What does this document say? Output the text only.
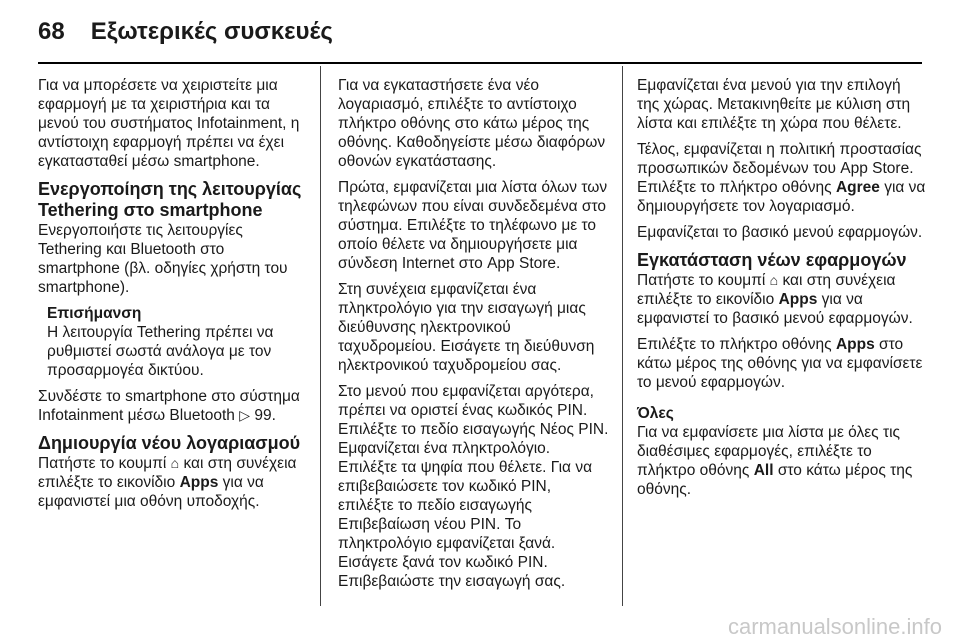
68 Εξωτερικές συσκευές

Για να μπορέσετε να χειριστείτε μια εφαρμογή με τα χειριστήρια και τα μενού του συστήματος Infotainment, η αντίστοιχη εφαρμογή πρέπει να έχει εγκατασταθεί μέσω smartphone.

Ενεργοποίηση της λειτουργίας Tethering στο smartphone

Ενεργοποιήστε τις λειτουργίες Tethering και Bluetooth στο smartphone (βλ. οδηγίες χρήστη του smartphone).

Επισήμανση
Η λειτουργία Tethering πρέπει να ρυθμιστεί σωστά ανάλογα με τον προσαρμογέα δικτύου.

Συνδέστε το smartphone στο σύστημα Infotainment μέσω Bluetooth ▷ 99.

Δημιουργία νέου λογαριασμού

Πατήστε το κουμπί ⌂ και στη συνέχεια επιλέξτε το εικονίδιο Apps για να εμφανιστεί μια οθόνη υποδοχής.

Για να εγκαταστήσετε ένα νέο λογαριασμό, επιλέξτε το αντίστοιχο πλήκτρο οθόνης στο κάτω μέρος της οθόνης. Καθοδηγείστε μέσω διαφόρων οθονών εγκατάστασης.

Πρώτα, εμφανίζεται μια λίστα όλων των τηλεφώνων που είναι συνδεδεμένα στο σύστημα. Επιλέξτε το τηλέφωνο με το οποίο θέλετε να δημιουργήσετε μια σύνδεση Internet στο App Store.

Στη συνέχεια εμφανίζεται ένα πληκτρολόγιο για την εισαγωγή μιας διεύθυνσης ηλεκτρονικού ταχυδρομείου. Εισάγετε τη διεύθυνση ηλεκτρονικού ταχυδρομείου σας.

Στο μενού που εμφανίζεται αργότερα, πρέπει να οριστεί ένας κωδικός PIN. Επιλέξτε το πεδίο εισαγωγής Νέος PIN. Εμφανίζεται ένα πληκτρολόγιο. Επιλέξτε τα ψηφία που θέλετε. Για να επιβεβαιώσετε τον κωδικό PIN, επιλέξτε το πεδίο εισαγωγής Επιβεβαίωση νέου PIN. Το πληκτρολόγιο εμφανίζεται ξανά. Εισάγετε ξανά τον κωδικό PIN. Επιβεβαιώστε την εισαγωγή σας.

Εμφανίζεται ένα μενού για την επιλογή της χώρας. Μετακινηθείτε με κύλιση στη λίστα και επιλέξτε τη χώρα που θέλετε.

Τέλος, εμφανίζεται η πολιτική προστασίας προσωπικών δεδομένων του App Store. Επιλέξτε το πλήκτρο οθόνης Agree για να δημιουργήσετε τον λογαριασμό.

Εμφανίζεται το βασικό μενού εφαρμογών.

Εγκατάσταση νέων εφαρμογών

Πατήστε το κουμπί ⌂ και στη συνέχεια επιλέξτε το εικονίδιο Apps για να εμφανιστεί το βασικό μενού εφαρμογών.

Επιλέξτε το πλήκτρο οθόνης Apps στο κάτω μέρος της οθόνης για να εμφανίσετε το μενού εφαρμογών.

Όλες

Για να εμφανίσετε μια λίστα με όλες τις διαθέσιμες εφαρμογές, επιλέξτε το πλήκτρο οθόνης All στο κάτω μέρος της οθόνης.

carmanualsonline.info
